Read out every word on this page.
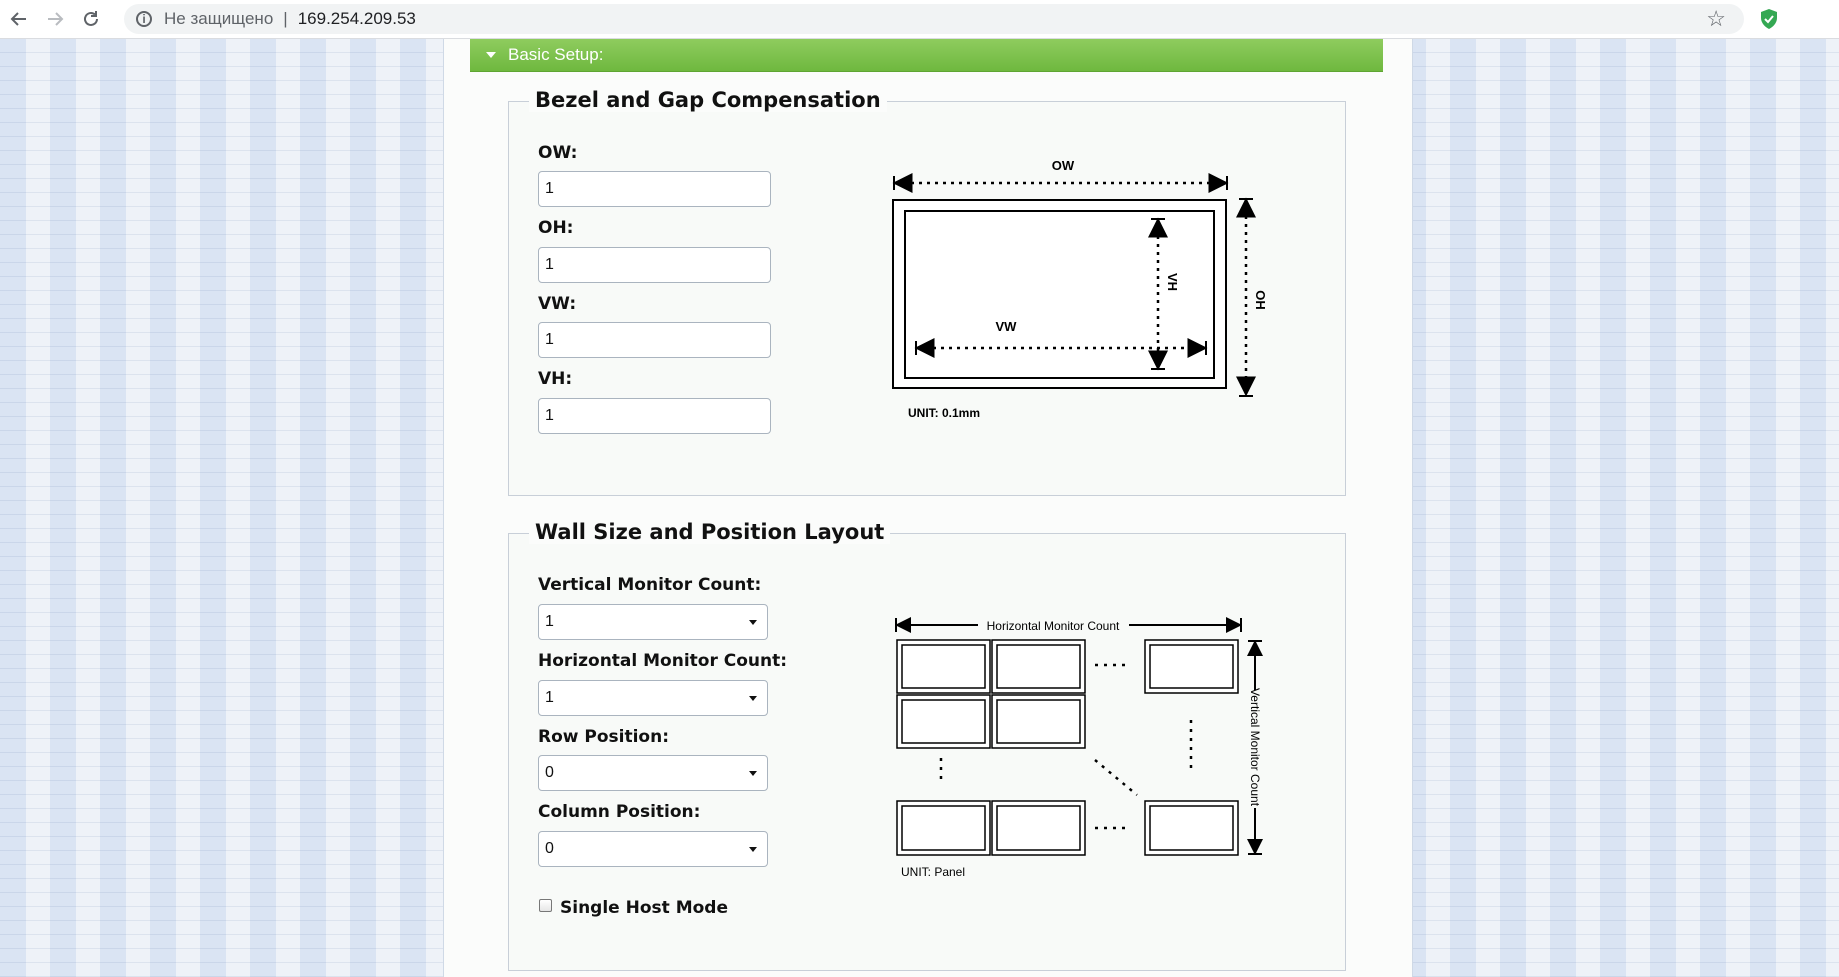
i	Не защищено | 169.254.209.53	☆
Basic Setup:
Bezel and Gap Compensation
OW:
1
OH:
1
VW:
1
VH:
1
OW
VH
VW
OH
UNIT: 0.1mm
Wall Size and Position Layout
Vertical Monitor Count:
1
Horizontal Monitor Count:
1
Row Position:
0
Column Position:
0
Single Host Mode
Horizontal Monitor Count
Vertical Monitor Count
UNIT: Panel
